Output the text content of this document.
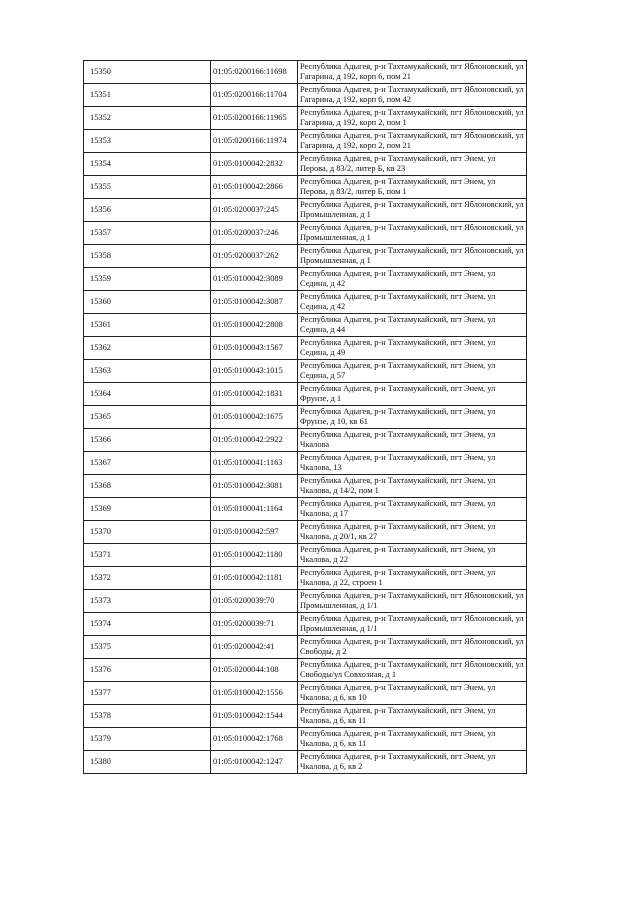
15350	01:05:0200166:11698	Республика Адыгея, р-н Тахтамукайский, пгт Яблоновский, ул Гагарина, д 192, корп 6, пом 21
15351	01:05:0200166:11704	Республика Адыгея, р-н Тахтамукайский, пгт Яблоновский, ул Гагарина, д 192, корп 6, пом 42
15352	01:05:0200166:11965	Республика Адыгея, р-н Тахтамукайский, пгт Яблоновский, ул Гагарина, д 192, корп 2, пом 1
15353	01:05:0200166:11974	Республика Адыгея, р-н Тахтамукайский, пгт Яблоновский, ул Гагарина, д 192, корп 2, пом 21
15354	01:05:0100042:2832	Республика Адыгея, р-н Тахтамукайский, пгт Энем, ул Перова, д 83/2, литер Б, кв 23
15355	01:05:0100042:2866	Республика Адыгея, р-н Тахтамукайский, пгт Энем, ул Перова, д 83/2, литер Б, пом 1
15356	01:05:0200037:245	Республика Адыгея, р-н Тахтамукайский, пгт Яблоновский, ул Промышленная, д 1
15357	01:05:0200037:246	Республика Адыгея, р-н Тахтамукайский, пгт Яблоновский, ул Промышленная, д 1
15358	01:05:0200037:262	Республика Адыгея, р-н Тахтамукайский, пгт Яблоновский, ул Промышленная, д 1
15359	01:05:0100042:3089	Республика Адыгея, р-н Тахтамукайский, пгт Энем, ул Седина, д 42
15360	01:05:0100042:3087	Республика Адыгея, р-н Тахтамукайский, пгт Энем, ул Седина, д 42
15361	01:05:0100042:2808	Республика Адыгея, р-н Тахтамукайский, пгт Энем, ул Седина, д 44
15362	01:05:0100043:1567	Республика Адыгея, р-н Тахтамукайский, пгт Энем, ул Седина, д 49
15363	01:05:0100043:1015	Республика Адыгея, р-н Тахтамукайский, пгт Энем, ул Седина, д 57
15364	01:05:0100042:1831	Республика Адыгея, р-н Тахтамукайский, пгт Энем, ул Фрунзе, д 1
15365	01:05:0100042:1675	Республика Адыгея, р-н Тахтамукайский, пгт Энем, ул Фрунзе, д 10, кв 61
15366	01:05:0100042:2922	Республика Адыгея, р-н Тахтамукайский, пгт Энем, ул Чкалова
15367	01:05:0100041:1163	Республика Адыгея, р-н Тахтамукайский, пгт Энем, ул Чкалова, 13
15368	01:05:0100042:3081	Республика Адыгея, р-н Тахтамукайский, пгт Энем, ул Чкалова, д 14/2, пом 1
15369	01:05:0100041:1164	Республика Адыгея, р-н Тахтамукайский, пгт Энем, ул Чкалова, д 17
15370	01:05:0100042:597	Республика Адыгея, р-н Тахтамукайский, пгт Энем, ул Чкалова, д 20/1, кв 27
15371	01:05:0100042:1180	Республика Адыгея, р-н Тахтамукайский, пгт Энем, ул Чкалова, д 22
15372	01:05:0100042:1181	Республика Адыгея, р-н Тахтамукайский, пгт Энем, ул Чкалова, д 22, строен 1
15373	01:05:0200039:70	Республика Адыгея, р-н Тахтамукайский, пгт Яблоновский, ул Промышленная, д 1/1
15374	01:05:0200039:71	Республика Адыгея, р-н Тахтамукайский, пгт Яблоновский, ул Промышленная, д 1/1
15375	01:05:0200042:41	Республика Адыгея, р-н Тахтамукайский, пгт Яблоновский, ул Свободы, д 2
15376	01:05:0200044:108	Республика Адыгея, р-н Тахтамукайский, пгт Яблоновский, ул Свободы/ул Совхозная, д 1
15377	01:05:0100042:1556	Республика Адыгея, р-н Тахтамукайский, пгт Энем, ул Чкалова, д 6, кв 10
15378	01:05:0100042:1544	Республика Адыгея, р-н Тахтамукайский, пгт Энем, ул Чкалова, д 6, кв 11
15379	01:05:0100042:1768	Республика Адыгея, р-н Тахтамукайский, пгт Энем, ул Чкалова, д 6, кв 11
15380	01:05:0100042:1247	Республика Адыгея, р-н Тахтамукайский, пгт Энем, ул Чкалова, д 6, кв 2
